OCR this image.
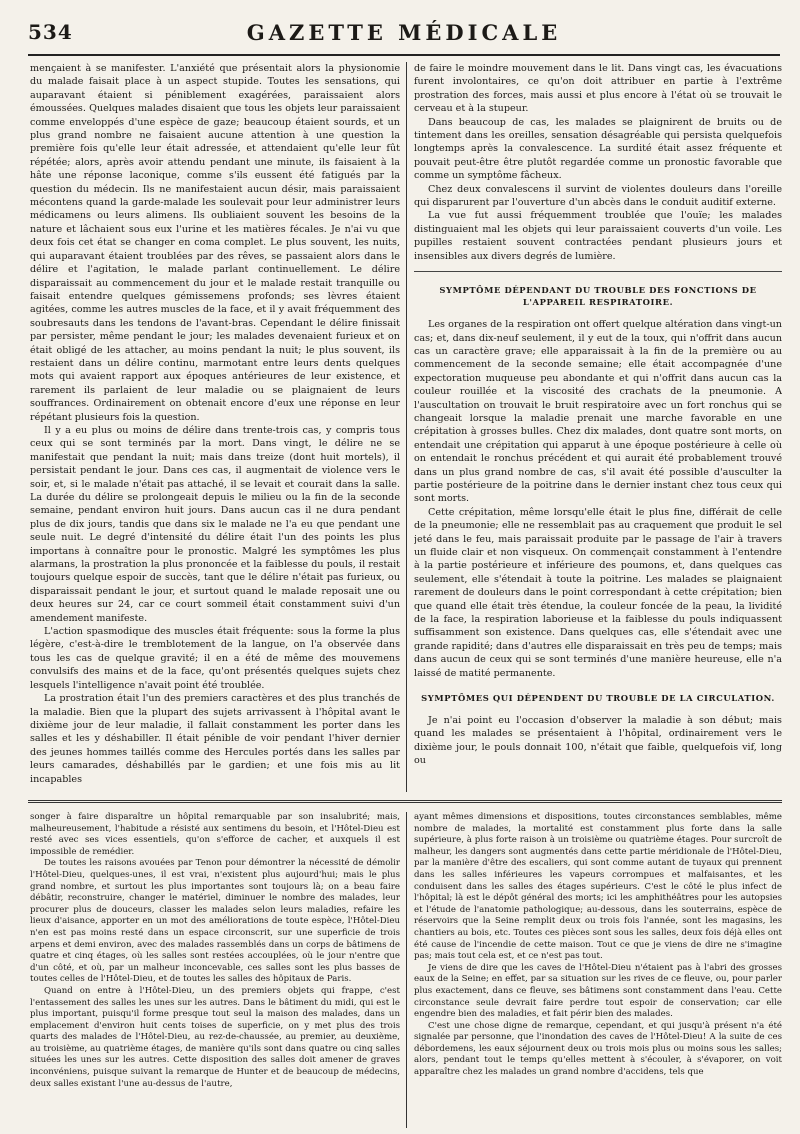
534	GAZETTE MÉDICALE

mençaient à se manifester. L'anxiété que présentait alors la physionomie du malade faisait place à un aspect stupide. Toutes les sensations, qui auparavant étaient si péniblement exagérées, paraissaient alors émoussées. Quelques malades disaient que tous les objets leur paraissaient comme enveloppés d'une espèce de gaze; beaucoup étaient sourds, et un plus grand nombre ne faisaient aucune attention à une question la première fois qu'elle leur était adressée, et attendaient qu'elle leur fût répétée; alors, après avoir attendu pendant une minute, ils faisaient à la hâte une réponse laconique, comme s'ils eussent été fatigués par la question du médecin. Ils ne manifestaient aucun désir, mais paraissaient mécontens quand la garde-malade les soulevait pour leur administrer leurs médicamens ou leurs alimens. Ils oubliaient souvent les besoins de la nature et lâchaient sous eux l'urine et les matières fécales. Je n'ai vu que deux fois cet état se changer en coma complet. Le plus souvent, les nuits, qui auparavant étaient troublées par des rêves, se passaient alors dans le délire et l'agitation, le malade parlant continuellement. Le délire disparaissait au commencement du jour et le malade restait tranquille ou faisait entendre quelques gémissemens profonds; ses lèvres étaient agitées, comme les autres muscles de la face, et il y avait fréquemment des soubresauts dans les tendons de l'avant-bras. Cependant le délire finissait par persister, même pendant le jour; les malades devenaient furieux et on était obligé de les attacher, au moins pendant la nuit; le plus souvent, ils restaient dans un délire continu, marmotant entre leurs dents quelques mots qui avaient rapport aux époques antérieures de leur existence, et rarement ils parlaient de leur maladie ou se plaignaient de leurs souffrances. Ordinairement on obtenait encore d'eux une réponse en leur répétant plusieurs fois la question.

Il y a eu plus ou moins de délire dans trente-trois cas, y compris tous ceux qui se sont terminés par la mort. Dans vingt, le délire ne se manifestait que pendant la nuit; mais dans treize (dont huit mortels), il persistait pendant le jour. Dans ces cas, il augmentait de violence vers le soir, et, si le malade n'était pas attaché, il se levait et courait dans la salle. La durée du délire se prolongeait depuis le milieu ou la fin de la seconde semaine, pendant environ huit jours. Dans aucun cas il ne dura pendant plus de dix jours, tandis que dans six le malade ne l'a eu que pendant une seule nuit. Le degré d'intensité du délire était l'un des points les plus importans à connaître pour le pronostic. Malgré les symptômes les plus alarmans, la prostration la plus prononcée et la faiblesse du pouls, il restait toujours quelque espoir de succès, tant que le délire n'était pas furieux, ou disparaissait pendant le jour, et surtout quand le malade reposait une ou deux heures sur 24, car ce court sommeil était constamment suivi d'un amendement manifeste.

L'action spasmodique des muscles était fréquente: sous la forme la plus légère, c'est-à-dire le tremblotement de la langue, on l'a observée dans tous les cas de quelque gravité; il en a été de même des mouvemens convulsifs des mains et de la face, qu'ont présentés quelques sujets chez lesquels l'intelligence n'avait point été troublée.

La prostration était l'un des premiers caractères et des plus tranchés de la maladie. Bien que la plupart des sujets arrivassent à l'hôpital avant le dixième jour de leur maladie, il fallait constamment les porter dans les salles et les y déshabiller. Il était pénible de voir pendant l'hiver dernier des jeunes hommes taillés comme des Hercules portés dans les salles par leurs camarades, déshabillés par le gardien; et une fois mis au lit incapables

de faire le moindre mouvement dans le lit. Dans vingt cas, les évacuations furent involontaires, ce qu'on doit attribuer en partie à l'extrême prostration des forces, mais aussi et plus encore à l'état où se trouvait le cerveau et à la stupeur.

Dans beaucoup de cas, les malades se plaignirent de bruits ou de tintement dans les oreilles, sensation désagréable qui persista quelquefois longtemps après la convalescence. La surdité était assez fréquente et pouvait peut-être être plutôt regardée comme un pronostic favorable que comme un symptôme fâcheux.

Chez deux convalescens il survint de violentes douleurs dans l'oreille qui disparurent par l'ouverture d'un abcès dans le conduit auditif externe.

La vue fut aussi fréquemment troublée que l'ouïe; les malades distinguaient mal les objets qui leur paraissaient couverts d'un voile. Les pupilles restaient souvent contractées pendant plusieurs jours et insensibles aux divers degrés de lumière.

SYMPTÔME DÉPENDANT DU TROUBLE DES FONCTIONS DE L'APPAREIL RESPIRATOIRE.

Les organes de la respiration ont offert quelque altération dans vingt-un cas; et, dans dix-neuf seulement, il y eut de la toux, qui n'offrit dans aucun cas un caractère grave; elle apparaissait à la fin de la première ou au commencement de la seconde semaine; elle était accompagnée d'une expectoration muqueuse peu abondante et qui n'offrit dans aucun cas la couleur rouillée et la viscosité des crachats de la pneumonie. A l'auscultation on trouvait le bruit respiratoire avec un fort ronchus qui se changeait lorsque la maladie prenait une marche favorable en une crépitation à grosses bulles. Chez dix malades, dont quatre sont morts, on entendait une crépitation qui apparut à une époque postérieure à celle où on entendait le ronchus précédent et qui aurait été probablement trouvé dans un plus grand nombre de cas, s'il avait été possible d'ausculter la partie postérieure de la poitrine dans le dernier instant chez tous ceux qui sont morts.

Cette crépitation, même lorsqu'elle était le plus fine, différait de celle de la pneumonie; elle ne ressemblait pas au craquement que produit le sel jeté dans le feu, mais paraissait produite par le passage de l'air à travers un fluide clair et non visqueux. On commençait constamment à l'entendre à la partie postérieure et inférieure des poumons, et, dans quelques cas seulement, elle s'étendait à toute la poitrine. Les malades se plaignaient rarement de douleurs dans le point correspondant à cette crépitation; bien que quand elle était très étendue, la couleur foncée de la peau, la lividité de la face, la respiration laborieuse et la faiblesse du pouls indiquassent suffisamment son existence. Dans quelques cas, elle s'étendait avec une grande rapidité; dans d'autres elle disparaissait en très peu de temps; mais dans aucun de ceux qui se sont terminés d'une manière heureuse, elle n'a laissé de matité permanente.

SYMPTÔMES QUI DÉPENDENT DU TROUBLE DE LA CIRCULATION.

Je n'ai point eu l'occasion d'observer la maladie à son début; mais quand les malades se présentaient à l'hôpital, ordinairement vers le dixième jour, le pouls donnait 100, n'était que faible, quelquefois vif, long ou

songer à faire disparaître un hôpital remarquable par son insalubrité; mais, malheureusement, l'habitude a résisté aux sentimens du besoin, et l'Hôtel-Dieu est resté avec ses vices essentiels, qu'on s'efforce de cacher, et auxquels il est impossible de remédier.

De toutes les raisons avouées par Tenon pour démontrer la nécessité de démolir l'Hôtel-Dieu, quelques-unes, il est vrai, n'existent plus aujourd'hui; mais le plus grand nombre, et surtout les plus importantes sont toujours là; on a beau faire débâtir, reconstruire, changer le matériel, diminuer le nombre des malades, leur procurer plus de douceurs, classer les malades selon leurs maladies, refaire les lieux d'aisance, apporter en un mot des améliorations de toute espèce, l'Hôtel-Dieu n'en est pas moins resté dans un espace circonscrit, sur une superficie de trois arpens et demi environ, avec des malades rassemblés dans un corps de bâtimens de quatre et cinq étages, où les salles sont restées accouplées, où le jour n'entre que d'un côté, et où, par un malheur inconcevable, ces salles sont les plus basses de toutes celles de l'Hôtel-Dieu, et de toutes les salles des hôpitaux de Paris.

Quand on entre à l'Hôtel-Dieu, un des premiers objets qui frappe, c'est l'entassement des salles les unes sur les autres. Dans le bâtiment du midi, qui est le plus important, puisqu'il forme presque tout seul la maison des malades, dans un emplacement d'environ huit cents toises de superficie, on y met plus des trois quarts des malades de l'Hôtel-Dieu, au rez-de-chaussée, au premier, au deuxième, au troisième, au quatrième étages, de manière qu'ils sont dans quatre ou cinq salles situées les unes sur les autres. Cette disposition des salles doit amener de graves inconvéniens, puisque suivant la remarque de Hunter et de beaucoup de médecins, deux salles existant l'une au-dessus de l'autre,

ayant mêmes dimensions et dispositions, toutes circonstances semblables, même nombre de malades, la mortalité est constamment plus forte dans la salle supérieure, à plus forte raison à un troisième ou quatrième étages. Pour surcroît de malheur, les dangers sont augmentés dans cette partie méridionale de l'Hôtel-Dieu, par la manière d'être des escaliers, qui sont comme autant de tuyaux qui prennent dans les salles inférieures les vapeurs corrompues et malfaisantes, et les conduisent dans les salles des étages supérieurs. C'est le côté le plus infect de l'hôpital; là est le dépôt général des morts; ici les amphithéâtres pour les autopsies et l'étude de l'anatomie pathologique; au-dessous, dans les souterrains, espèce de réservoirs que la Seine remplit deux ou trois fois l'année, sont les magasins, les chantiers au bois, etc. Toutes ces pièces sont sous les salles, deux fois déjà elles ont été cause de l'incendie de cette maison. Tout ce que je viens de dire ne s'imagine pas; mais tout cela est, et ce n'est pas tout.

Je viens de dire que les caves de l'Hôtel-Dieu n'étaient pas à l'abri des grosses eaux de la Seine; en effet, par sa situation sur les rives de ce fleuve, ou, pour parler plus exactement, dans ce fleuve, ses bâtimens sont constamment dans l'eau. Cette circonstance seule devrait faire perdre tout espoir de conservation; car elle engendre bien des maladies, et fait périr bien des malades.

C'est une chose digne de remarque, cependant, et qui jusqu'à présent n'a été signalée par personne, que l'inondation des caves de l'Hôtel-Dieu! A la suite de ces débordemens, les eaux séjournent deux ou trois mois plus ou moins sous les salles; alors, pendant tout le temps qu'elles mettent à s'écouler, à s'évaporer, on voit apparaître chez les malades un grand nombre d'accidens, tels que
